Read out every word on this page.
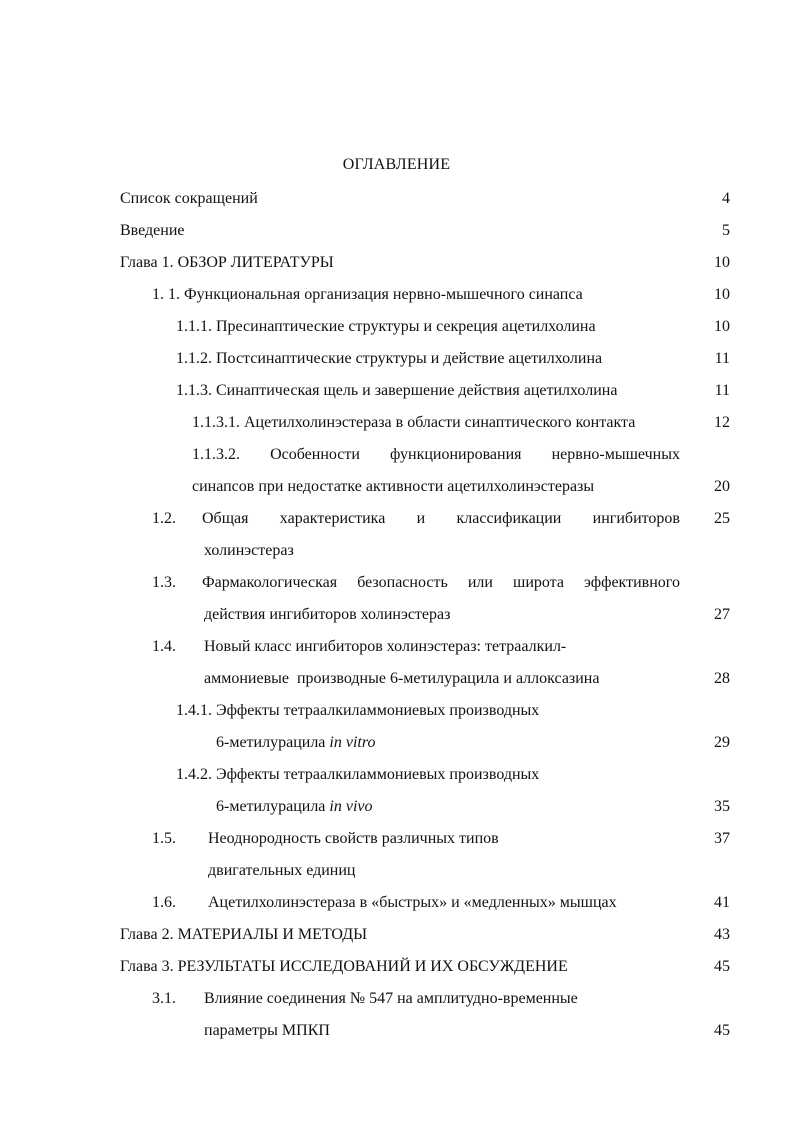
ОГЛАВЛЕНИЕ
Список сокращений	4
Введение	5
Глава 1. ОБЗОР ЛИТЕРАТУРЫ	10
1. 1. Функциональная организация нервно-мышечного синапса	10
1.1.1. Пресинаптические структуры и секреция ацетилхолина	10
1.1.2. Постсинаптические структуры и действие ацетилхолина	11
1.1.3. Синаптическая щель и завершение действия ацетилхолина	11
1.1.3.1. Ацетилхолинэстераза в области синаптического контакта	12
1.1.3.2. Особенности функционирования нервно-мышечных
синапсов при недостатке активности ацетилхолинэстеразы	20
1.2. Общая характеристика и классификации ингибиторов 25
холинэстераз
1.3. Фармакологическая безопасность или широта эффективного
действия ингибиторов холинэстераз	27
1.4. Новый класс ингибиторов холинэстераз: тетраалкил-
аммониевые  производные 6-метилурацила и аллоксазина	28
1.4.1. Эффекты тетраалкиламмониевых производных
6-метилурацила in vitro	29
1.4.2. Эффекты тетраалкиламмониевых производных
6-метилурацила in vivo	35
1.5. Неоднородность свойств различных типов	37
двигательных единиц
1.6. Ацетилхолинэстераза в «быстрых» и «медленных» мышцах	41
Глава 2. МАТЕРИАЛЫ И МЕТОДЫ	43
Глава 3. РЕЗУЛЬТАТЫ ИССЛЕДОВАНИЙ И ИХ ОБСУЖДЕНИЕ	45
3.1. Влияние соединения № 547 на амплитудно-временные
параметры МПКП	45
